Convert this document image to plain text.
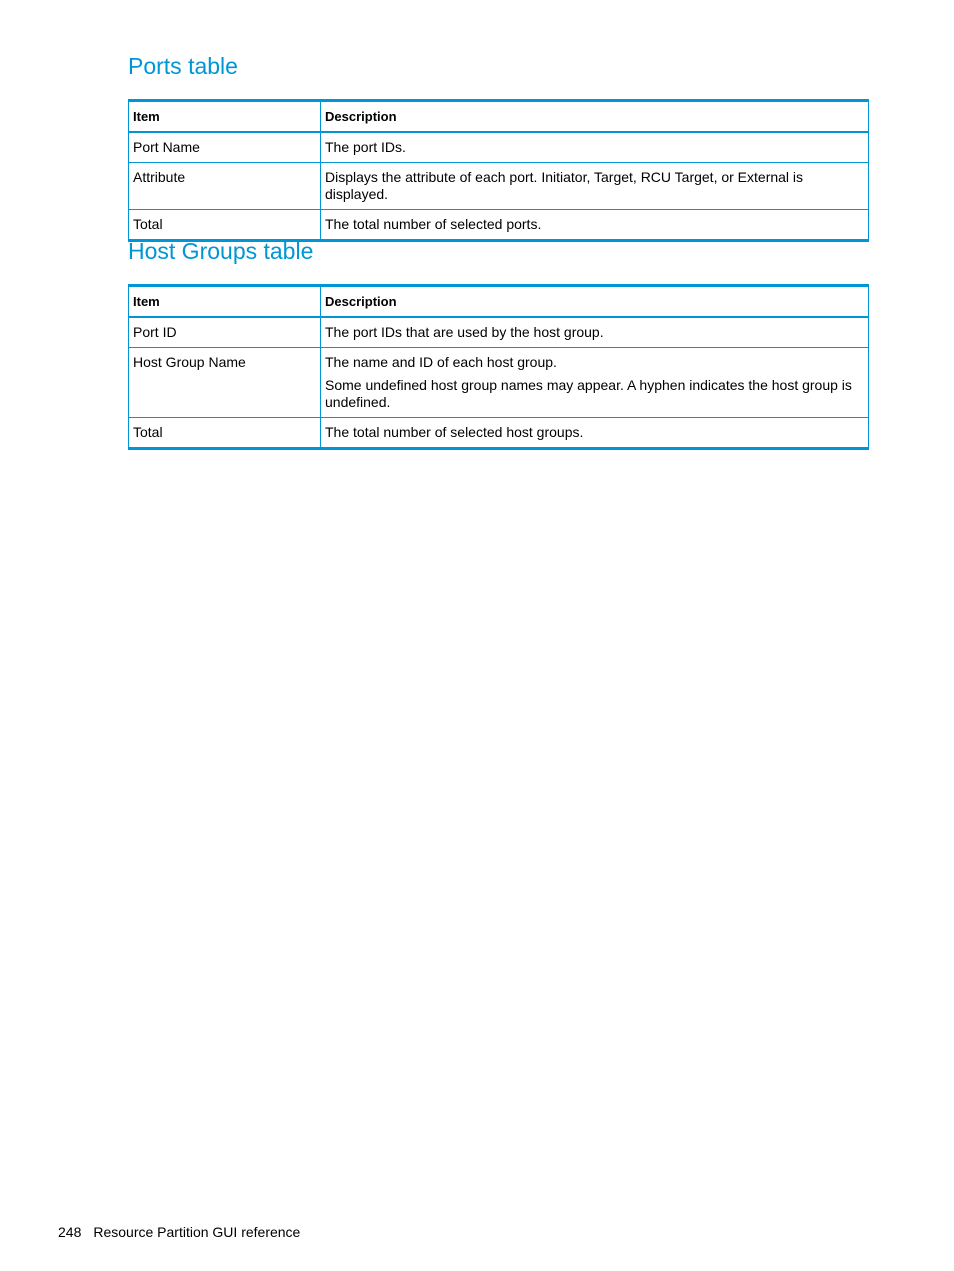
Ports table
Item	Description
Port Name	The port IDs.

Attribute	Displays the attribute of each port. Initiator, Target, RCU Target, or External is displayed.

Total	The total number of selected ports.

Host Groups table
Item	Description
Port ID	The port IDs that are used by the host group.

Host Group Name	The name and ID of each host group.

Some undefined host group names may appear. A hyphen indicates the host group is undefined.

Total	The total number of selected host groups.

248 Resource Partition GUI reference
